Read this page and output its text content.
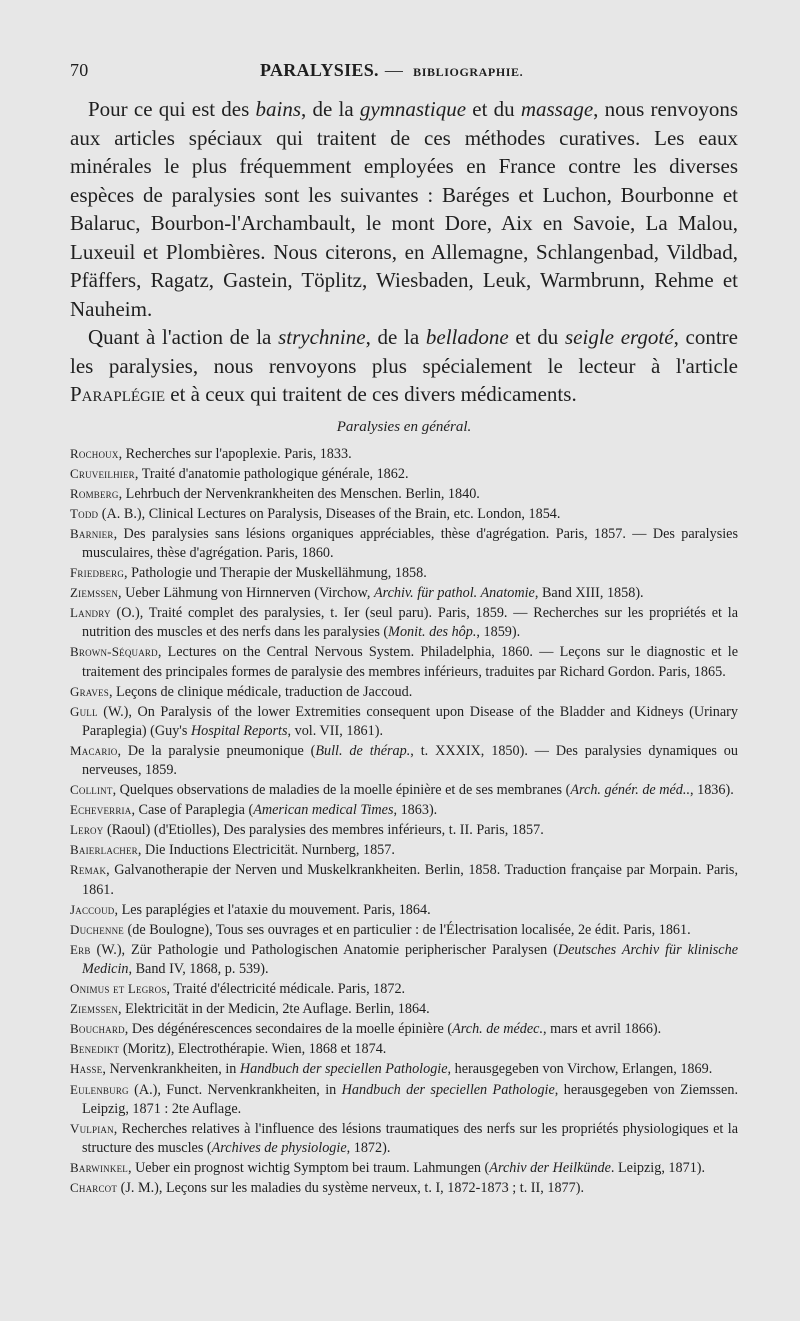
70	PARALYSIES. — BIBLIOGRAPHIE.

Pour ce qui est des bains, de la gymnastique et du massage, nous renvoyons aux articles spéciaux qui traitent de ces méthodes curatives. Les eaux minérales le plus fréquemment employées en France contre les diverses espèces de paralysies sont les suivantes : Baréges et Luchon, Bourbonne et Balaruc, Bourbon-l'Archambault, le mont Dore, Aix en Savoie, La Malou, Luxeuil et Plombières. Nous citerons, en Allemagne, Schlangenbad, Vildbad, Pfäffers, Ragatz, Gastein, Töplitz, Wiesbaden, Leuk, Warmbrunn, Rehme et Nauheim.

Quant à l'action de la strychnine, de la belladone et du seigle ergoté, contre les paralysies, nous renvoyons plus spécialement le lecteur à l'article Paraplégie et à ceux qui traitent de ces divers médicaments.

Paralysies en général.
Rochoux, Recherches sur l'apoplexie. Paris, 1833.
Cruveilhier, Traité d'anatomie pathologique générale, 1862.
Romberg, Lehrbuch der Nervenkrankheiten des Menschen. Berlin, 1840.
Todd (A. B.), Clinical Lectures on Paralysis, Diseases of the Brain, etc. London, 1854.
Barnier, Des paralysies sans lésions organiques appréciables, thèse d'agrégation. Paris, 1857. — Des paralysies musculaires, thèse d'agrégation. Paris, 1860.
Friedberg, Pathologie und Therapie der Muskellähmung, 1858.
Ziemssen, Ueber Lähmung von Hirnnerven (Virchow, Archiv. für pathol. Anatomie, Band XIII, 1858).
Landry (O.), Traité complet des paralysies, t. Ier (seul paru). Paris, 1859. — Recherches sur les propriétés et la nutrition des muscles et des nerfs dans les paralysies (Monit. des hôp., 1859).
Brown-Séquard, Lectures on the Central Nervous System. Philadelphia, 1860. — Leçons sur le diagnostic et le traitement des principales formes de paralysie des membres inférieurs, traduites par Richard Gordon. Paris, 1865.
Graves, Leçons de clinique médicale, traduction de Jaccoud.
Gull (W.), On Paralysis of the lower Extremities consequent upon Disease of the Bladder and Kidneys (Urinary Paraplegia) (Guy's Hospital Reports, vol. VII, 1861).
Macario, De la paralysie pneumonique (Bull. de thérap., t. XXXIX, 1850). — Des paralysies dynamiques ou nerveuses, 1859.
Collint, Quelques observations de maladies de la moelle épinière et de ses membranes (Arch. génér. de méd.., 1836).
Echeverria, Case of Paraplegia (American medical Times, 1863).
Leroy (Raoul) (d'Etiolles), Des paralysies des membres inférieurs, t. II. Paris, 1857.
Baierlacher, Die Inductions Electricität. Nurnberg, 1857.
Remak, Galvanotherapie der Nerven und Muskelkrankheiten. Berlin, 1858. Traduction française par Morpain. Paris, 1861.
Jaccoud, Les paraplégies et l'ataxie du mouvement. Paris, 1864.
Duchenne (de Boulogne), Tous ses ouvrages et en particulier : de l'Électrisation localisée, 2e édit. Paris, 1861.
Erb (W.), Zür Pathologie und Pathologischen Anatomie peripherischer Paralysen (Deutsches Archiv für klinische Medicin, Band IV, 1868, p. 539).
Onimus et Legros, Traité d'électricité médicale. Paris, 1872.
Ziemssen, Elektricität in der Medicin, 2te Auflage. Berlin, 1864.
Bouchard, Des dégénérescences secondaires de la moelle épinière (Arch. de médec., mars et avril 1866).
Benedikt (Moritz), Electrothérapie. Wien, 1868 et 1874.
Hasse, Nervenkrankheiten, in Handbuch der speciellen Pathologie, herausgegeben von Virchow, Erlangen, 1869.
Eulenburg (A.), Funct. Nervenkrankheiten, in Handbuch der speciellen Pathologie, herausgegeben von Ziemssen. Leipzig, 1871 : 2te Auflage.
Vulpian, Recherches relatives à l'influence des lésions traumatiques des nerfs sur les propriétés physiologiques et la structure des muscles (Archives de physiologie, 1872).
Barwinkel, Ueber ein prognost wichtig Symptom bei traum. Lahmungen (Archiv der Heilkünde. Leipzig, 1871).
Charcot (J. M.), Leçons sur les maladies du système nerveux, t. I, 1872-1873 ; t. II, 1877).
